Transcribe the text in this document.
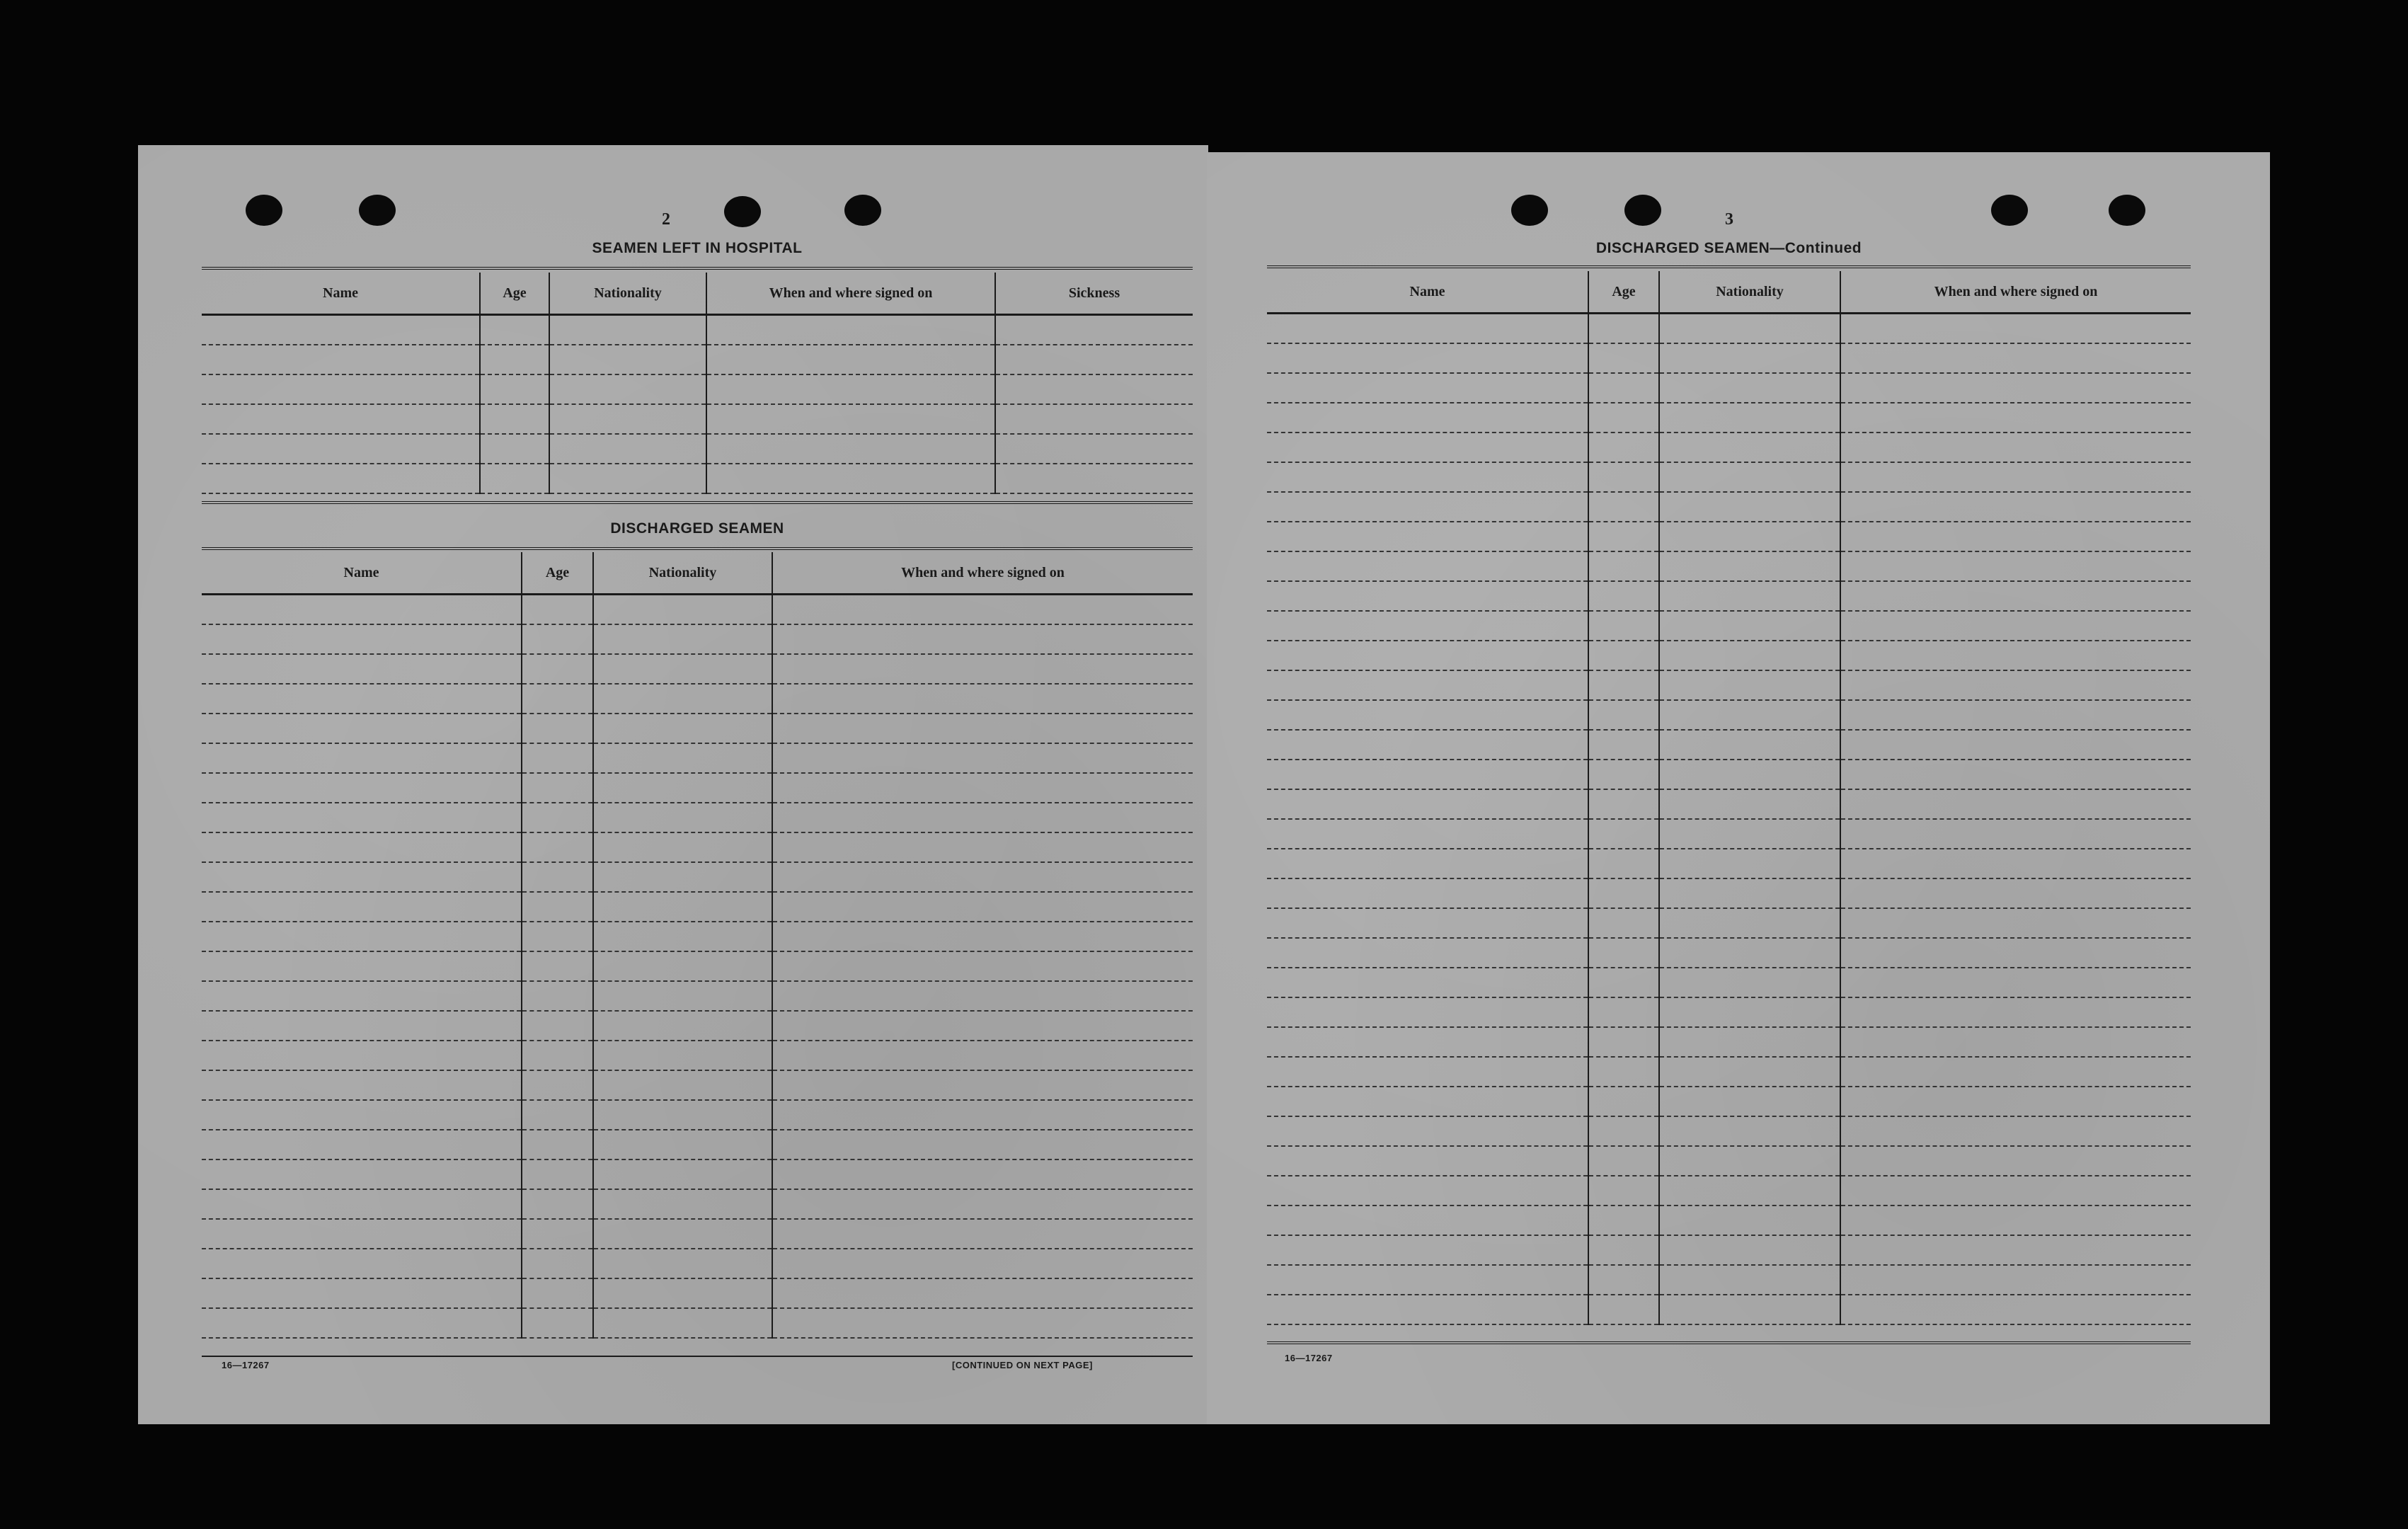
2
SEAMEN LEFT IN HOSPITAL
Name	Age	Nationality	When and where signed on	Sickness

DISCHARGED SEAMEN
Name	Age	Nationality	When and where signed on

16—17267	[CONTINUED ON NEXT PAGE]
3
DISCHARGED SEAMEN—Continued
Name	Age	Nationality	When and where signed on

16—17267
